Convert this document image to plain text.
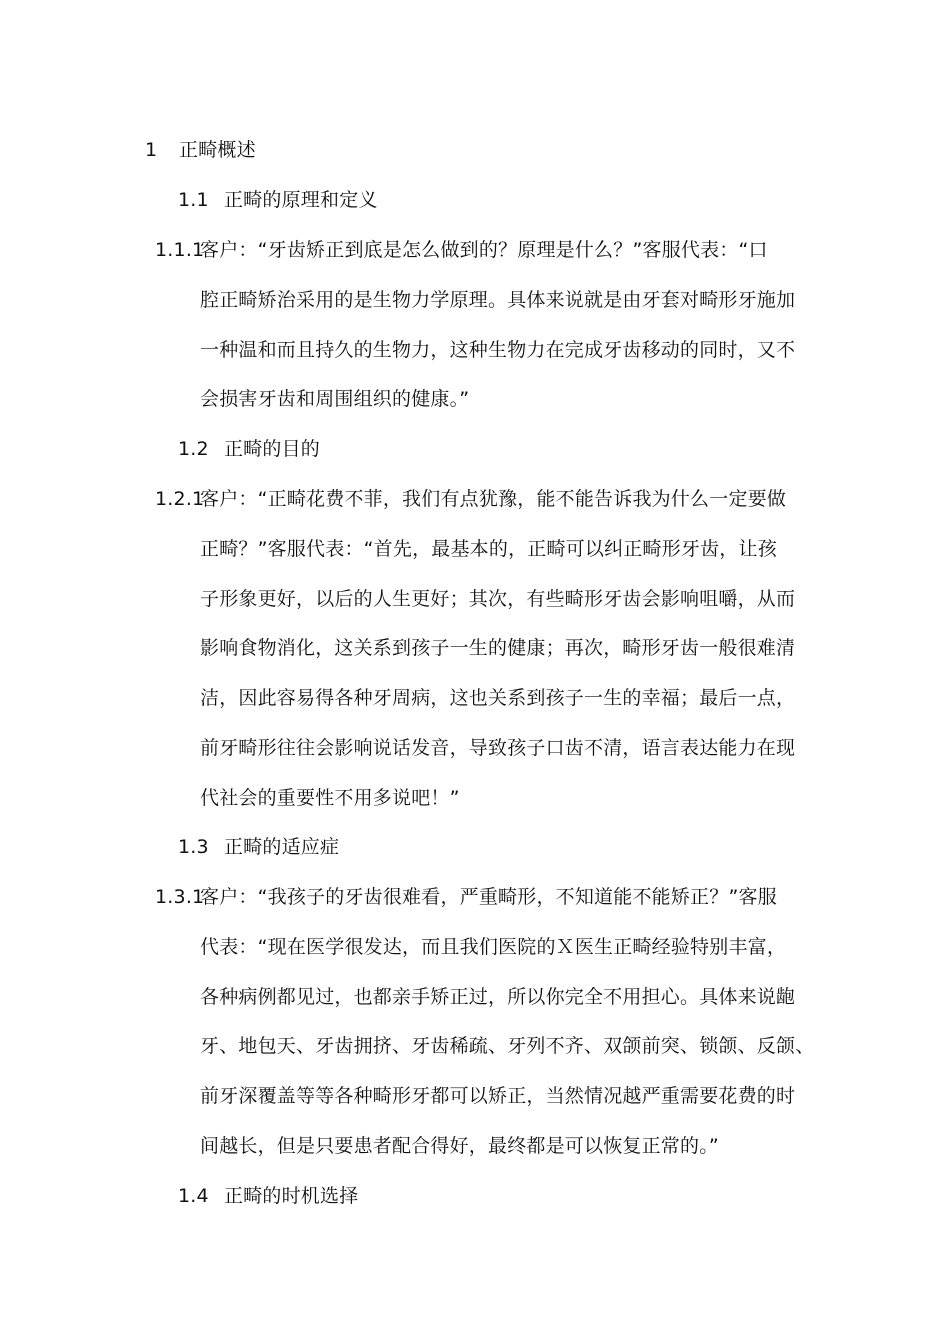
1 正畸概述
1.1 正畸的原理和定义
1.1.1
客户：“牙齿矫正到底是怎么做到的？原理是什么？”客服代表：“口
腔正畸矫治采用的是生物力学原理。具体来说就是由牙套对畸形牙施加
一种温和而且持久的生物力，这种生物力在完成牙齿移动的同时，又不
会损害牙齿和周围组织的健康。”
1.2 正畸的目的
1.2.1
客户：“正畸花费不菲，我们有点犹豫，能不能告诉我为什么一定要做
正畸？”客服代表：“首先，最基本的，正畸可以纠正畸形牙齿，让孩
子形象更好，以后的人生更好；其次，有些畸形牙齿会影响咀嚼，从而
影响食物消化，这关系到孩子一生的健康；再次，畸形牙齿一般很难清
洁，因此容易得各种牙周病，这也关系到孩子一生的幸福；最后一点，
前牙畸形往往会影响说话发音，导致孩子口齿不清，语言表达能力在现
代社会的重要性不用多说吧！”
1.3 正畸的适应症
1.3.1
客户：“我孩子的牙齿很难看，严重畸形，不知道能不能矫正？”客服
代表：“现在医学很发达，而且我们医院的Ｘ医生正畸经验特别丰富，
各种病例都见过，也都亲手矫正过，所以你完全不用担心。具体来说龅
牙、地包天、牙齿拥挤、牙齿稀疏、牙列不齐、双颌前突、锁颌、反颌、
前牙深覆盖等等各种畸形牙都可以矫正，当然情况越严重需要花费的时
间越长，但是只要患者配合得好，最终都是可以恢复正常的。”
1.4 正畸的时机选择
